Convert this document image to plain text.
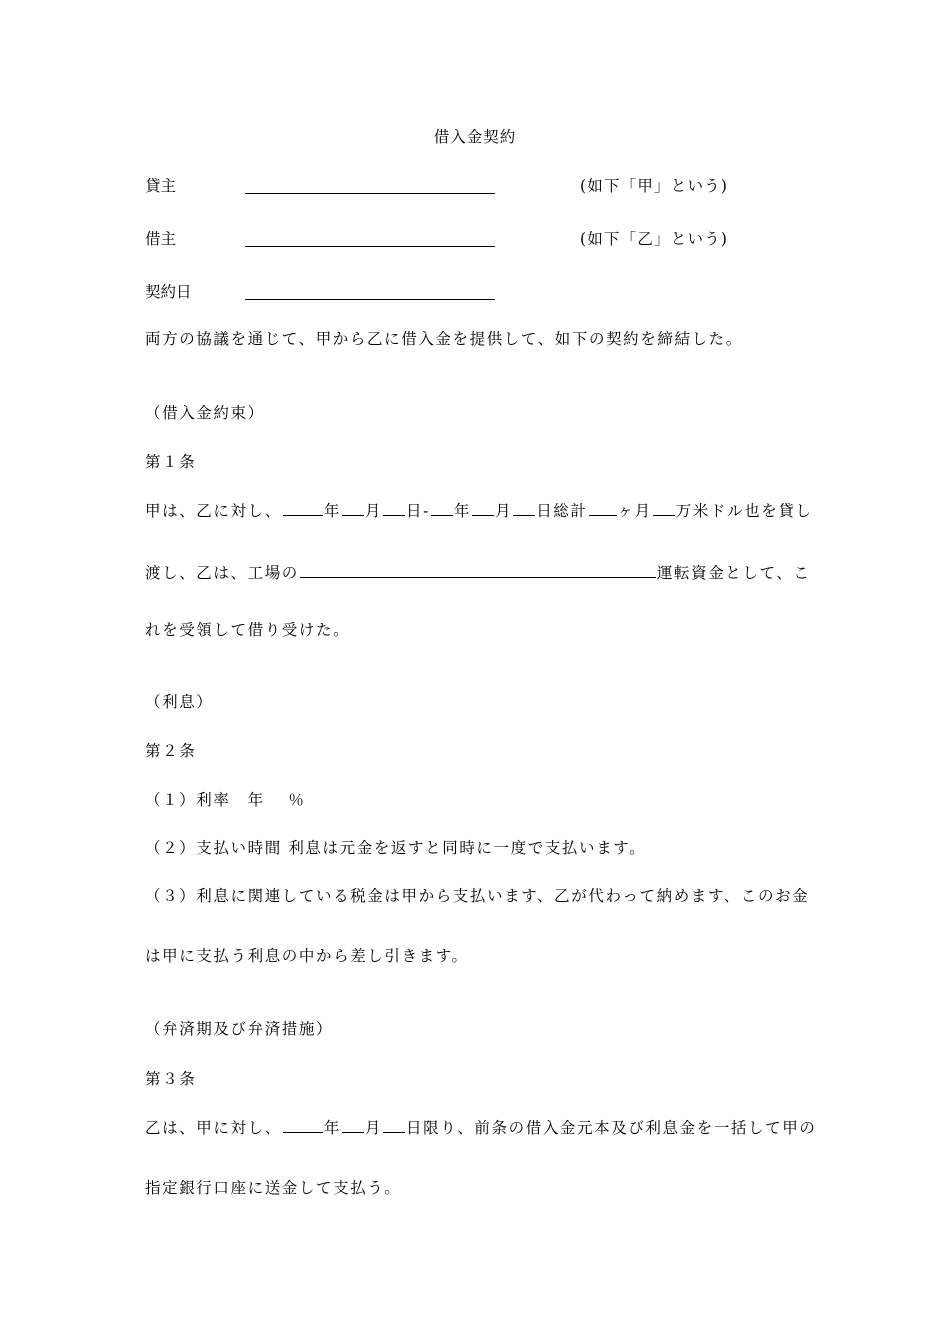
借入金契約
貸主	(如下「甲」という)
借主	(如下「乙」という)
契約日
両方の協議を通じて、甲から乙に借入金を提供して、如下の契約を締結した。
（借入金約束）
第１条
甲は、乙に対し、	年 月 日- 年 月 日総計 ヶ月 万米ドル也を貸し
渡し、乙は、工場の	運転資金として、こ
れを受領して借り受けた。
（利息）
第２条
（１）利率　年　 ％
（２）支払い時間 利息は元金を返すと同時に一度で支払います。
（３）利息に関連している税金は甲から支払います、乙が代わって納めます、このお金
は甲に支払う利息の中から差し引きます。
（弁済期及び弁済措施）
第３条
乙は、甲に対し、	年 月 日限り、前条の借入金元本及び利息金を一括して甲の
指定銀行口座に送金して支払う。
